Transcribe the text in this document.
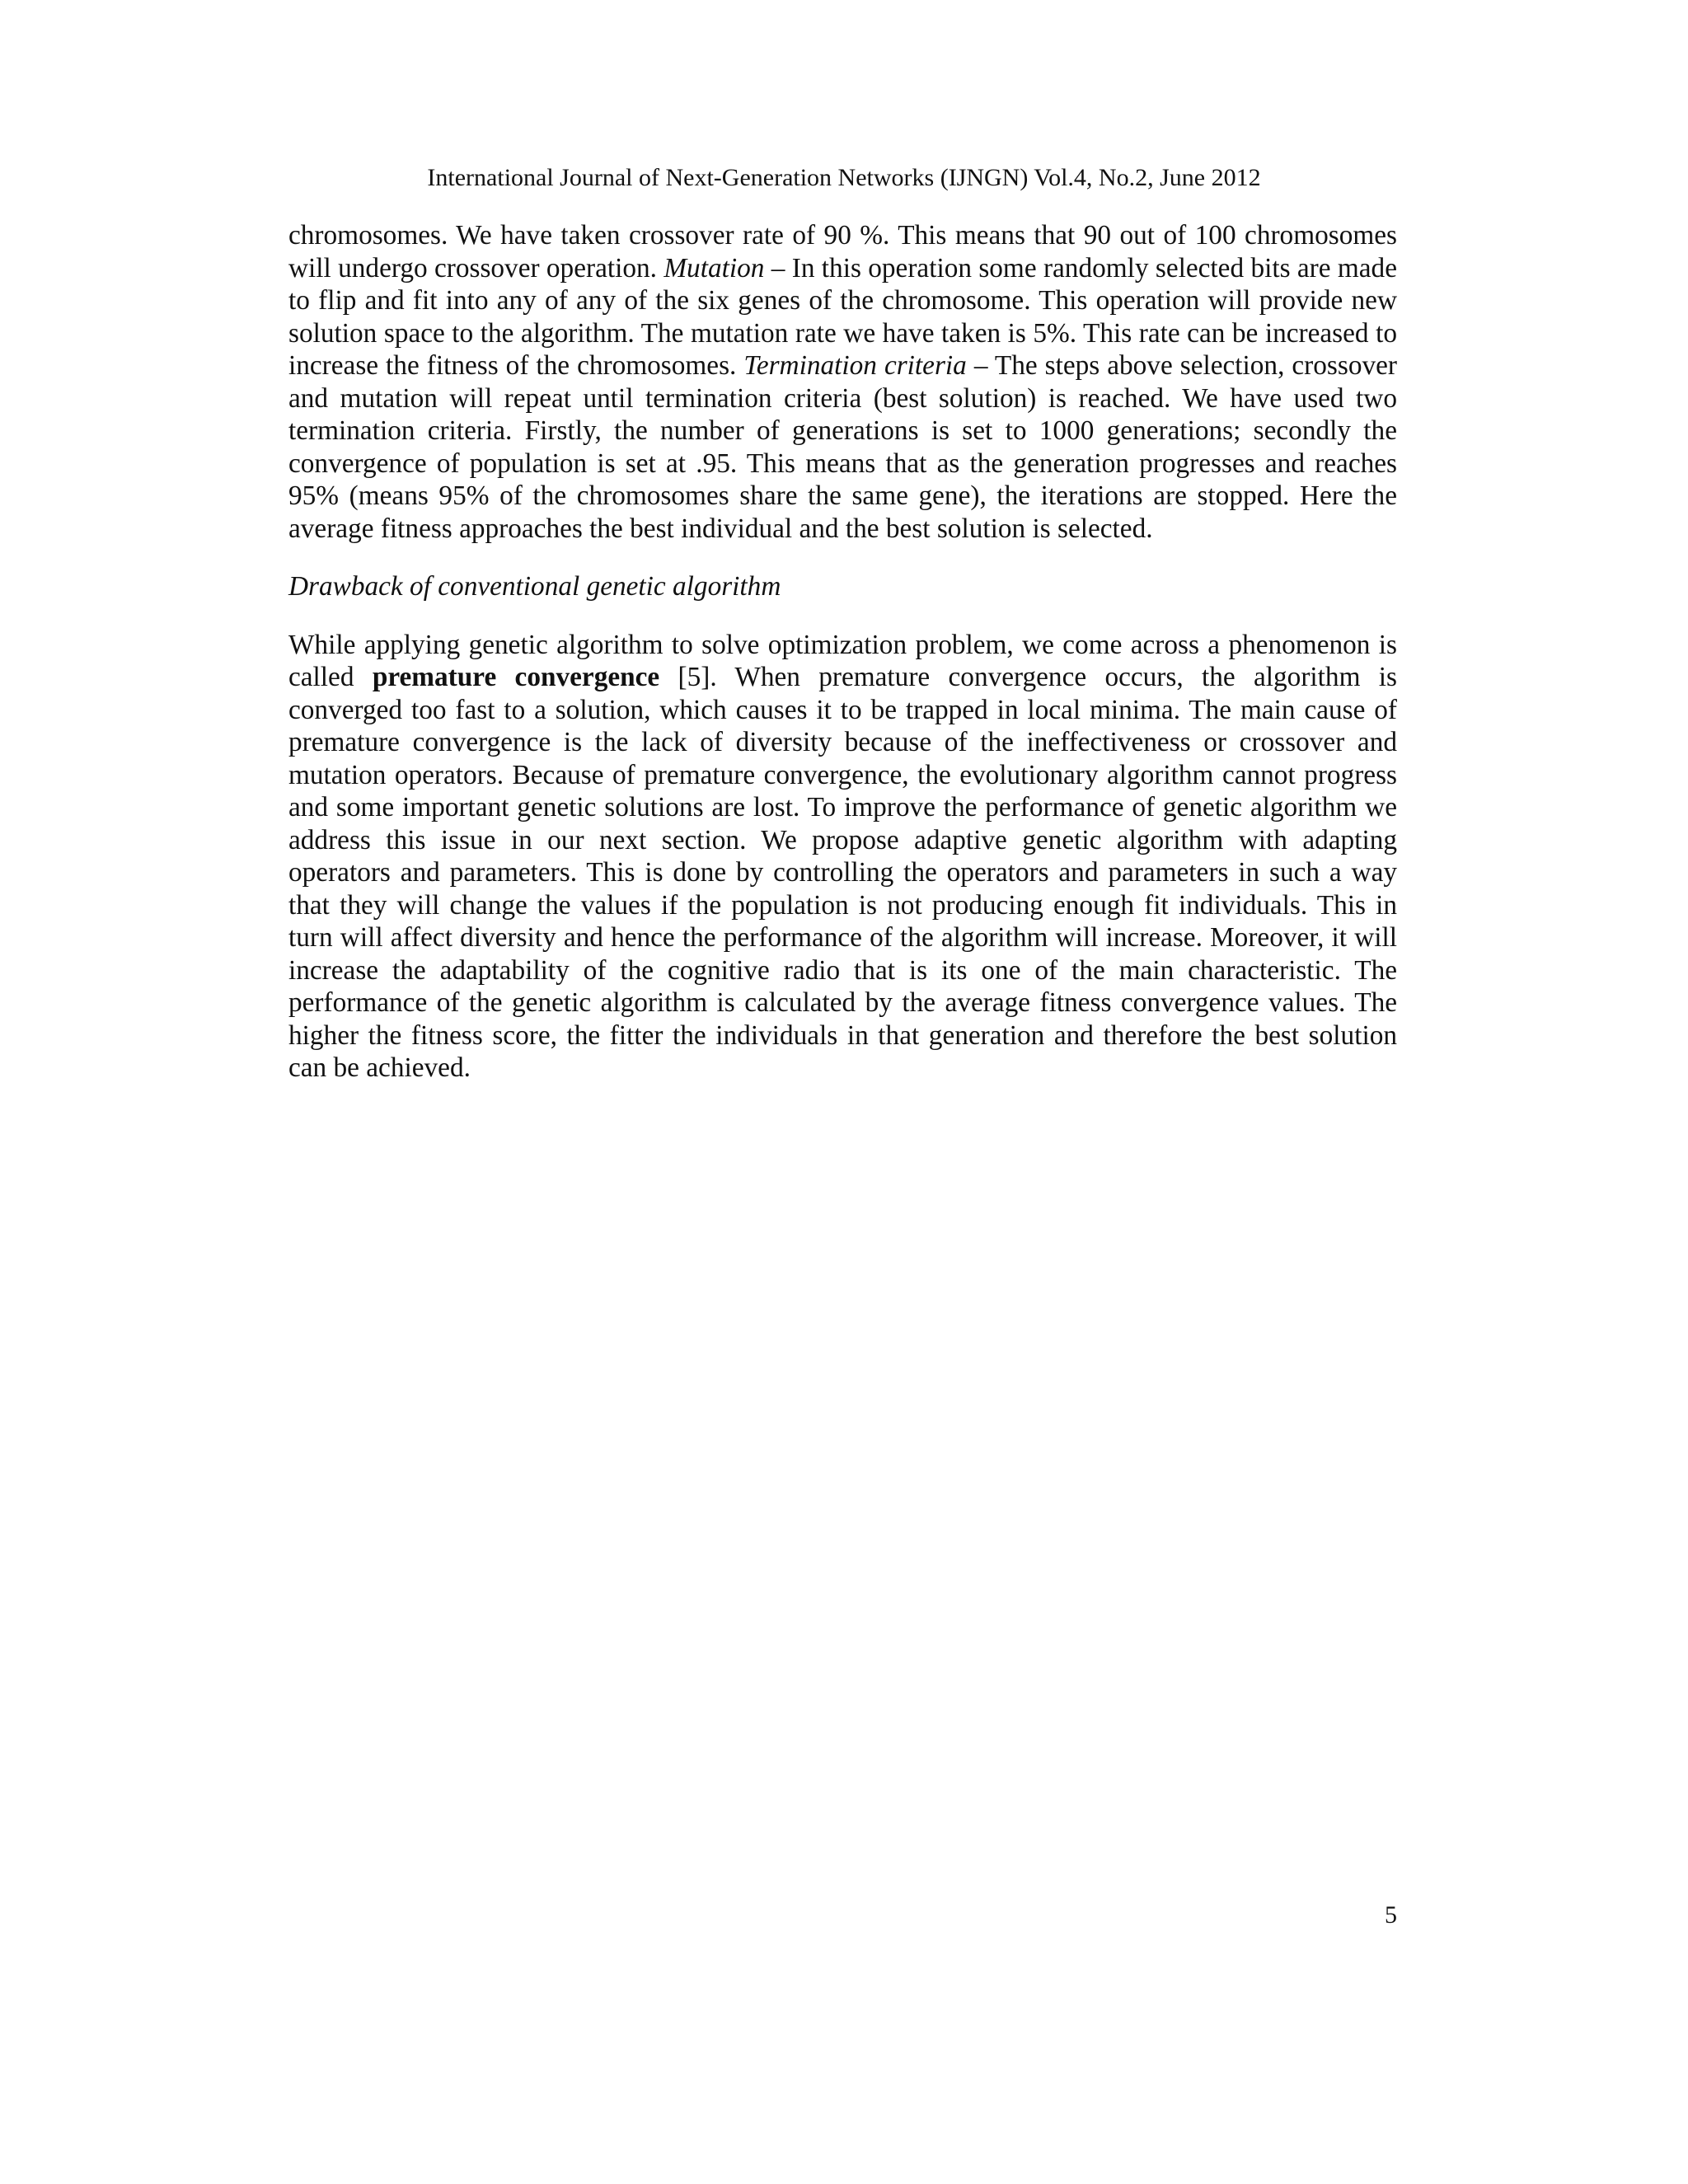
International Journal of Next-Generation Networks (IJNGN) Vol.4, No.2, June 2012

chromosomes. We have taken crossover rate of 90 %. This means that 90 out of 100 chromosomes will undergo crossover operation. Mutation – In this operation some randomly selected bits are made to flip and fit into any of any of the six genes of the chromosome. This operation will provide new solution space to the algorithm. The mutation rate we have taken is 5%. This rate can be increased to increase the fitness of the chromosomes. Termination criteria – The steps above selection, crossover and mutation will repeat until termination criteria (best solution) is reached. We have used two termination criteria. Firstly, the number of generations is set to 1000 generations; secondly the convergence of population is set at .95. This means that as the generation progresses and reaches 95% (means 95% of the chromosomes share the same gene), the iterations are stopped. Here the average fitness approaches the best individual and the best solution is selected.

Drawback of conventional genetic algorithm

While applying genetic algorithm to solve optimization problem, we come across a phenomenon is called premature convergence [5]. When premature convergence occurs, the algorithm is converged too fast to a solution, which causes it to be trapped in local minima. The main cause of premature convergence is the lack of diversity because of the ineffectiveness or crossover and mutation operators. Because of premature convergence, the evolutionary algorithm cannot progress and some important genetic solutions are lost. To improve the performance of genetic algorithm we address this issue in our next section. We propose adaptive genetic algorithm with adapting operators and parameters. This is done by controlling the operators and parameters in such a way that they will change the values if the population is not producing enough fit individuals. This in turn will affect diversity and hence the performance of the algorithm will increase. Moreover, it will increase the adaptability of the cognitive radio that is its one of the main characteristic. The performance of the genetic algorithm is calculated by the average fitness convergence values. The higher the fitness score, the fitter the individuals in that generation and therefore the best solution can be achieved.

5
